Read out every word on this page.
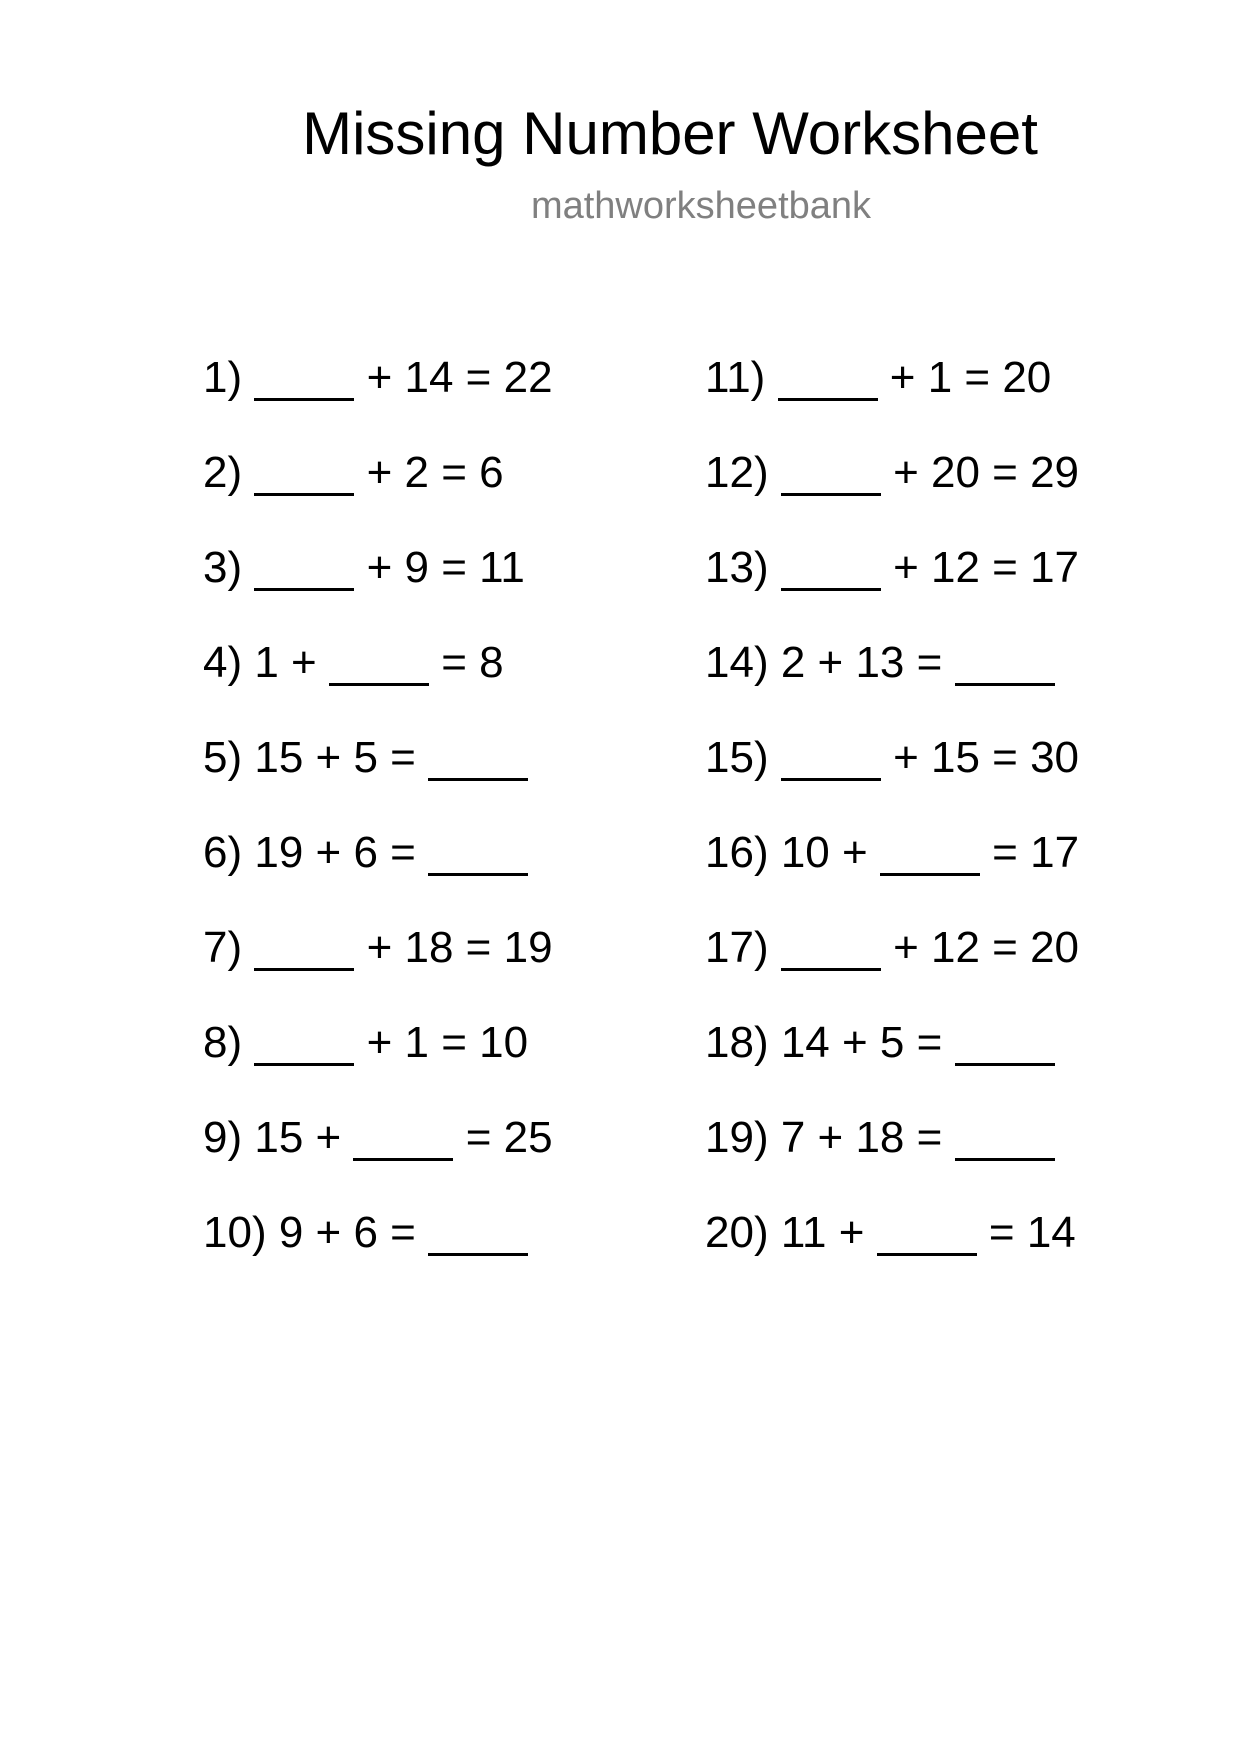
Missing Number Worksheet
mathworksheetbank
1)	+ 14 = 22
2)	+ 2 = 6
3)	+ 9 = 11
4) 1 +	= 8
5) 15 + 5 =
6) 19 + 6 =
7)	+ 18 = 19
8)	+ 1 = 10
9) 15 +	= 25
10) 9 + 6 =
11)	+ 1 = 20
12)	+ 20 = 29
13)	+ 12 = 17
14) 2 + 13 =
15)	+ 15 = 30
16) 10 +	= 17
17)	+ 12 = 20
18) 14 + 5 =
19) 7 + 18 =
20) 11 +	= 14
